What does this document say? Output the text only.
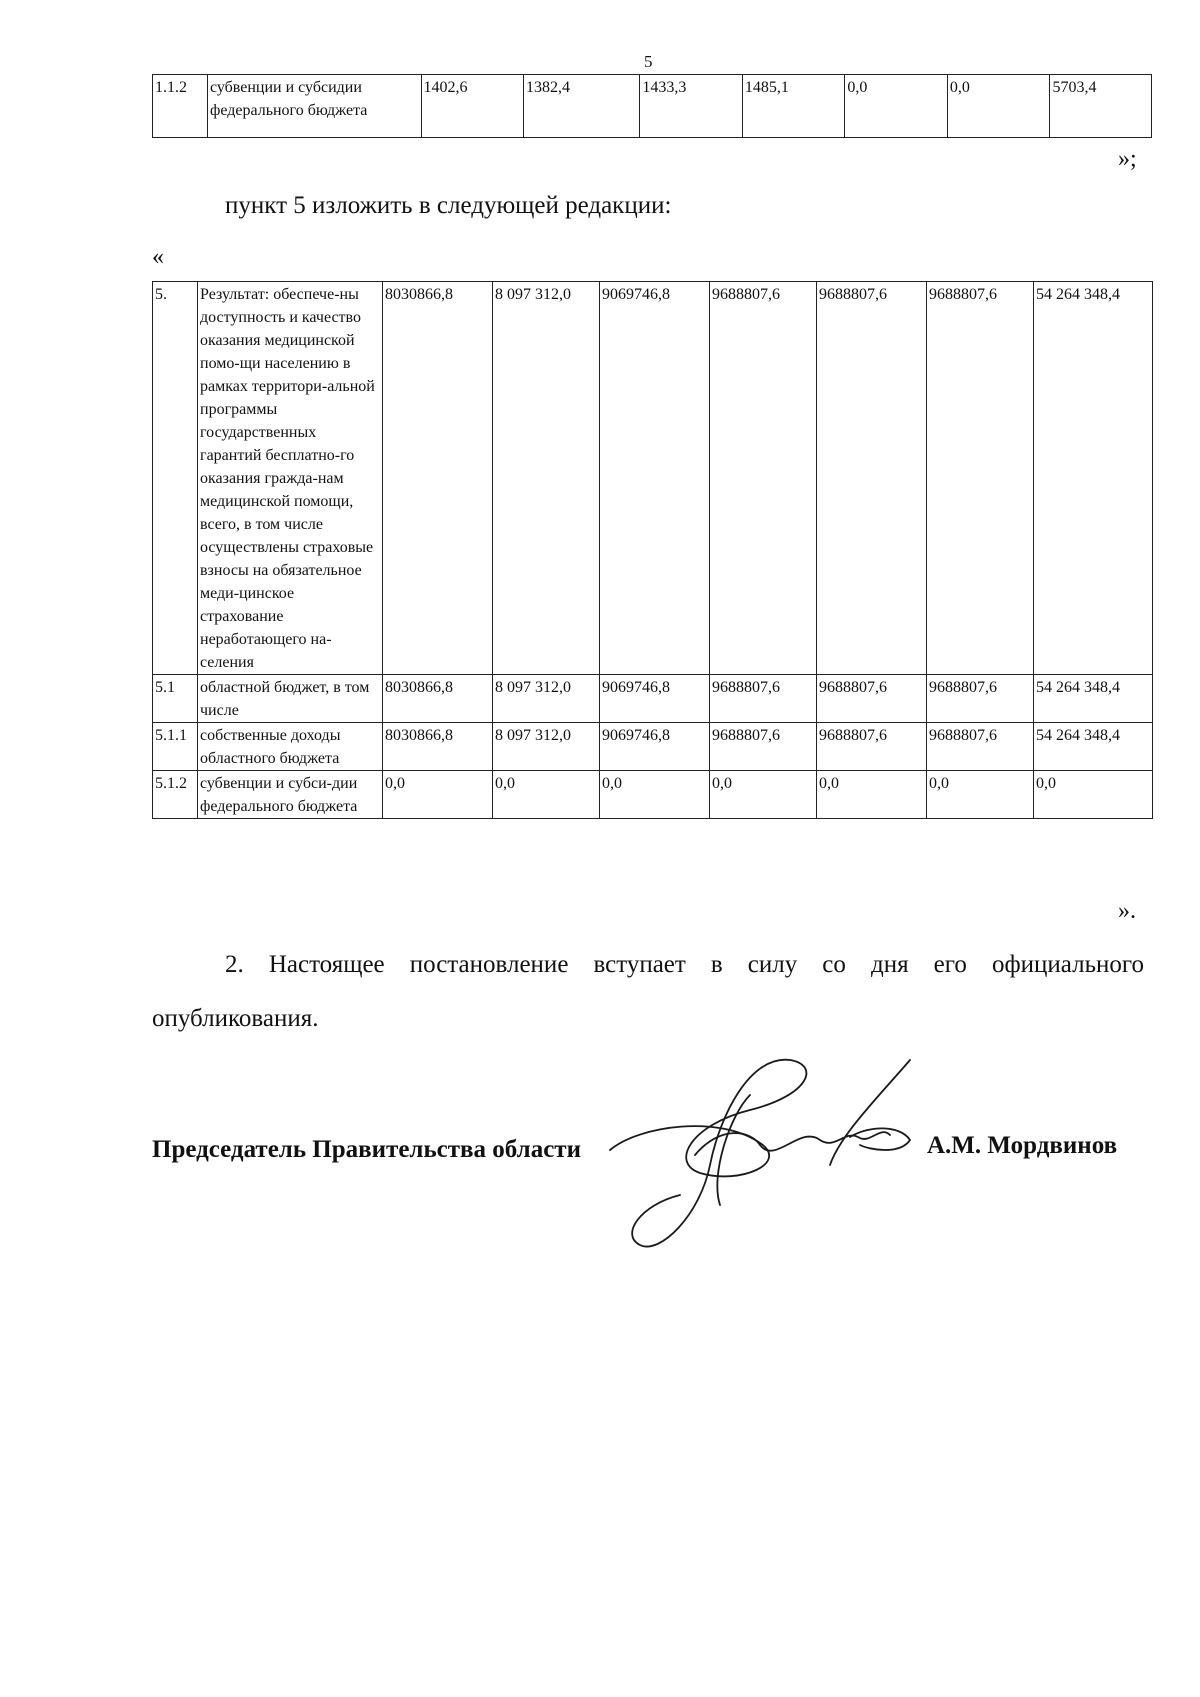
5
1.1.2	субвенции и субсидии федерального бюджета	1402,6	1382,4	1433,3	1485,1	0,0	0,0	5703,4
»;
пункт 5 изложить в следующей редакции:
«
5.	Результат: обеспече-ны доступность и качество оказания медицинской помо-щи населению в рамках территори-альной программы государственных гарантий бесплатно-го оказания гражда-нам медицинской помощи, всего, в том числе осуществлены страховые взносы на обязательное меди-цинское страхование неработающего на-селения	8030866,8	8 097 312,0	9069746,8	9688807,6	9688807,6	9688807,6	54 264 348,4
5.1	областной бюджет, в том числе	8030866,8	8 097 312,0	9069746,8	9688807,6	9688807,6	9688807,6	54 264 348,4
5.1.1	собственные доходы областного бюджета	8030866,8	8 097 312,0	9069746,8	9688807,6	9688807,6	9688807,6	54 264 348,4
5.1.2	субвенции и субси-дии федерального бюджета	0,0	0,0	0,0	0,0	0,0	0,0	0,0
».
2. Настоящее постановление вступает в силу со дня его официального опубликования.
Председатель Правительства области	А.М. Мордвинов
